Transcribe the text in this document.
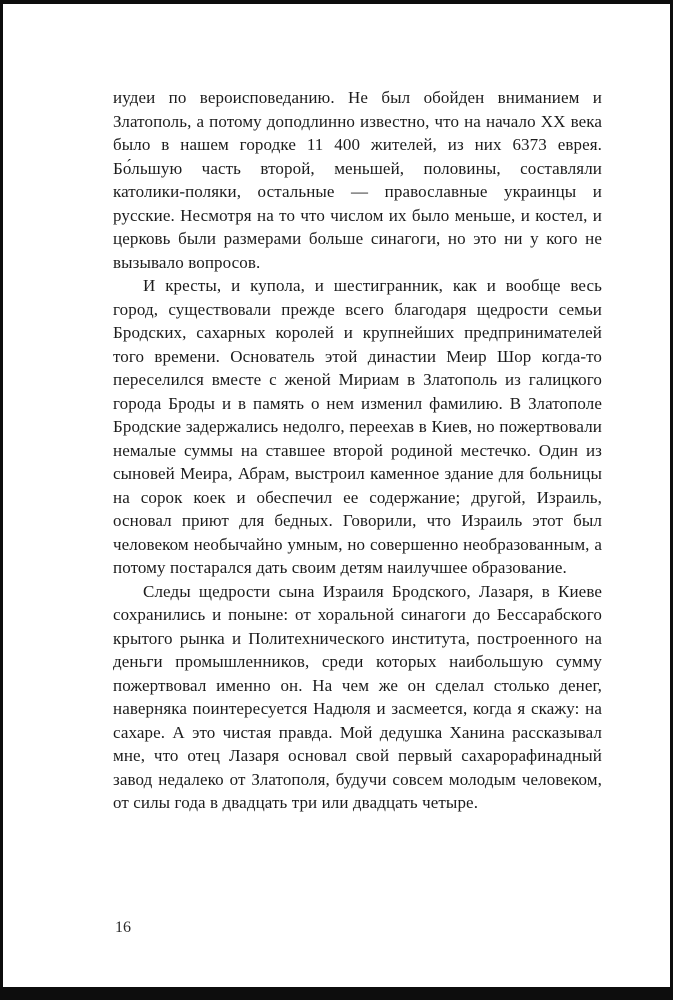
иудеи по вероисповеданию. Не был обойден вниманием и Златополь, а потому доподлинно известно, что на начало XX века было в нашем городке 11 400 жителей, из них 6373 еврея. Бо́льшую часть второй, меньшей, половины, составляли католики-поляки, остальные — православные украинцы и русские. Несмотря на то что числом их было меньше, и костел, и церковь были размерами больше синагоги, но это ни у кого не вызывало вопросов.

И кресты, и купола, и шестигранник, как и вообще весь город, существовали прежде всего благодаря щедрости семьи Бродских, сахарных королей и крупнейших предпринимателей того времени. Основатель этой династии Меир Шор когда-то переселился вместе с женой Мириам в Златополь из галицкого города Броды и в память о нем изменил фамилию. В Златополе Бродские задержались недолго, переехав в Киев, но пожертвовали немалые суммы на ставшее второй родиной местечко. Один из сыновей Меира, Абрам, выстроил каменное здание для больницы на сорок коек и обеспечил ее содержание; другой, Израиль, основал приют для бедных. Говорили, что Израиль этот был человеком необычайно умным, но совершенно необразованным, а потому постарался дать своим детям наилучшее образование.

Следы щедрости сына Израиля Бродского, Лазаря, в Киеве сохранились и поныне: от хоральной синагоги до Бессарабского крытого рынка и Политехнического института, построенного на деньги промышленников, среди которых наибольшую сумму пожертвовал именно он. На чем же он сделал столько денег, наверняка поинтересуется Надюля и засмеется, когда я скажу: на сахаре. А это чистая правда. Мой дедушка Ханина рассказывал мне, что отец Лазаря основал свой первый сахарорафинадный завод недалеко от Златополя, будучи совсем молодым человеком, от силы года в двадцать три или двадцать четыре.

16
